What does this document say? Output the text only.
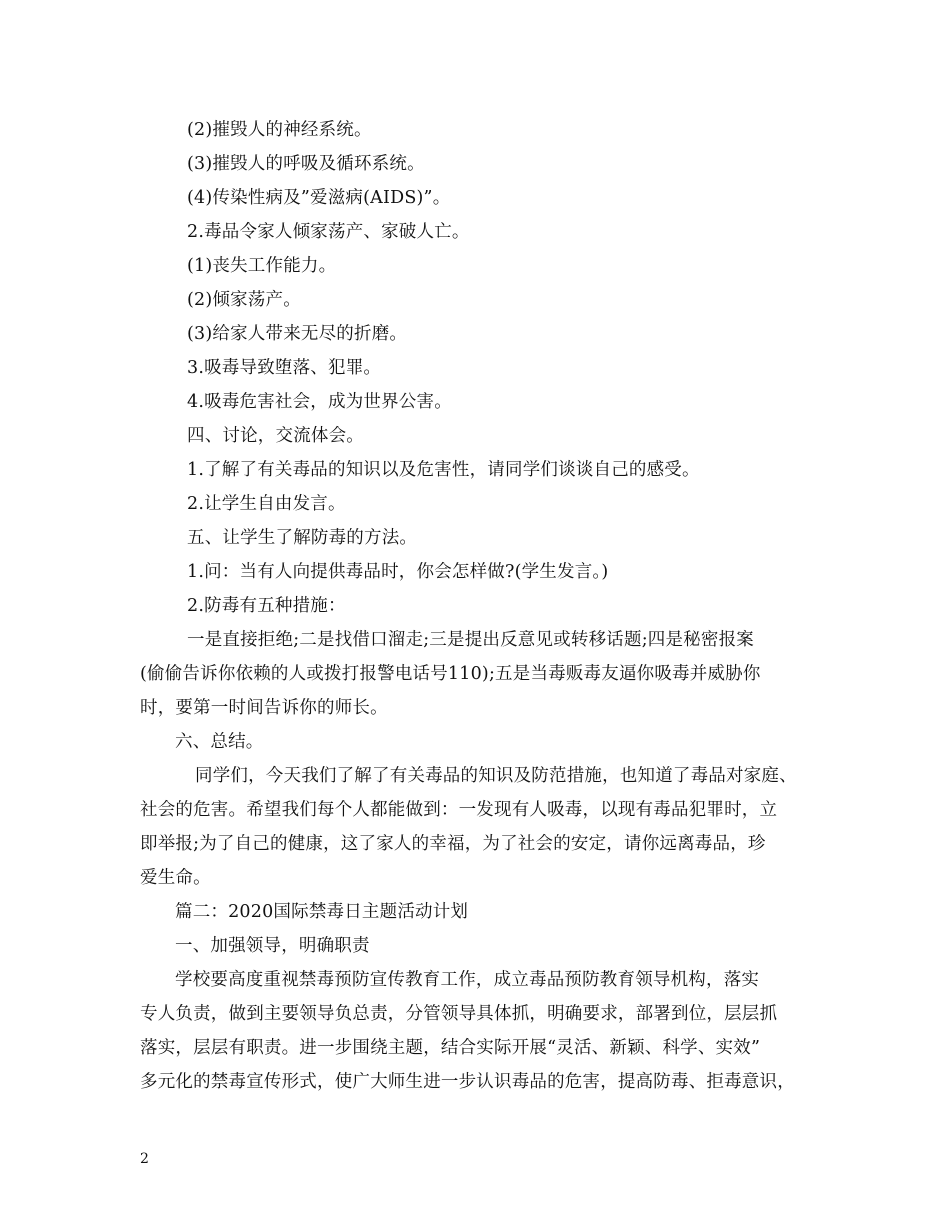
(2)摧毁人的神经系统。
(3)摧毁人的呼吸及循环系统。
(4)传染性病及”爱滋病(AIDS)”。
2.毒品令家人倾家荡产、家破人亡。
(1)丧失工作能力。
(2)倾家荡产。
(3)给家人带来无尽的折磨。
3.吸毒导致堕落、犯罪。
4.吸毒危害社会，成为世界公害。
四、讨论，交流体会。
1.了解了有关毒品的知识以及危害性，请同学们谈谈自己的感受。
2.让学生自由发言。
五、让学生了解防毒的方法。
1.问：当有人向提供毒品时，你会怎样做?(学生发言。)
2.防毒有五种措施：
一是直接拒绝;二是找借口溜走;三是提出反意见或转移话题;四是秘密报案
(偷偷告诉你依赖的人或拨打报警电话号110);五是当毒贩毒友逼你吸毒并威胁你
时，要第一时间告诉你的师长。
六、总结。
同学们，今天我们了解了有关毒品的知识及防范措施，也知道了毒品对家庭、
社会的危害。希望我们每个人都能做到：一发现有人吸毒，以现有毒品犯罪时，立
即举报;为了自己的健康，这了家人的幸福，为了社会的安定，请你远离毒品，珍
爱生命。
篇二：2020国际禁毒日主题活动计划
一、加强领导，明确职责
学校要高度重视禁毒预防宣传教育工作，成立毒品预防教育领导机构，落实
专人负责，做到主要领导负总责，分管领导具体抓，明确要求，部署到位，层层抓
落实，层层有职责。进一步围绕主题，结合实际开展“灵活、新颖、科学、实效”
多元化的禁毒宣传形式，使广大师生进一步认识毒品的危害，提高防毒、拒毒意识，
2
